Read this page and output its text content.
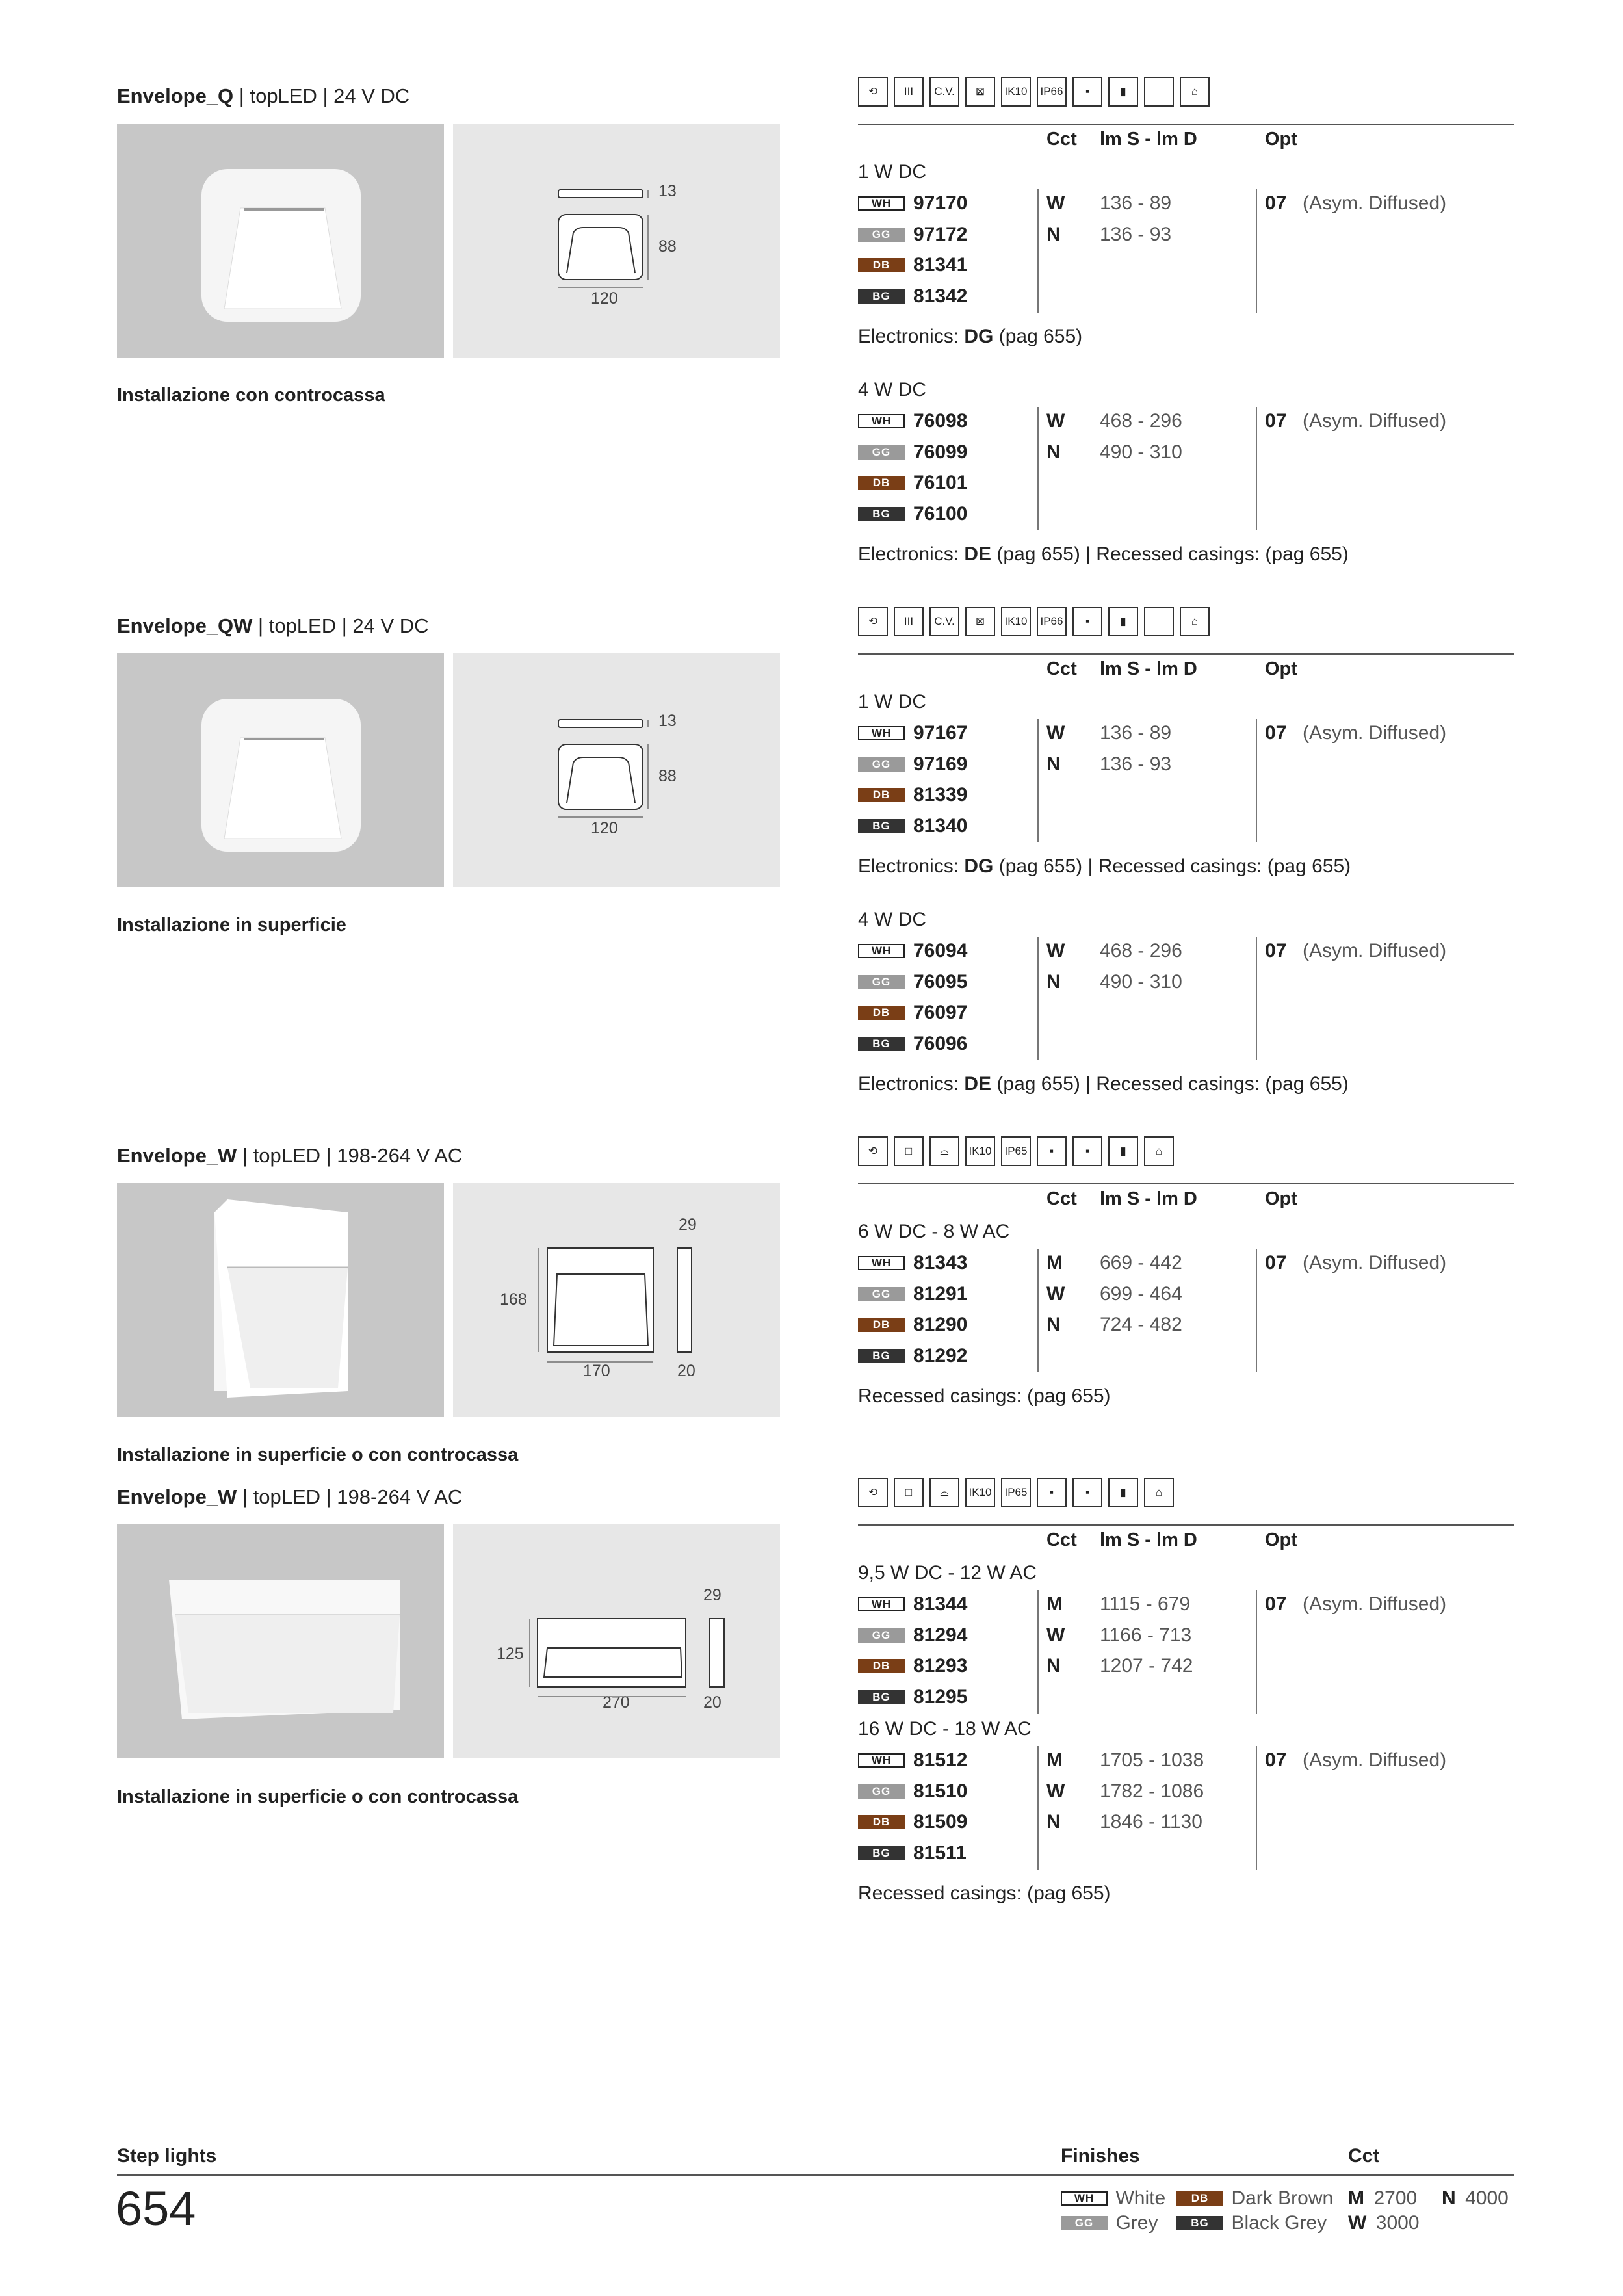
Envelope_Q | topLED | 24 V DC
13
88
120
Installazione con controcassa
⟲	III	C.V.	⊠	IK10	IP66	▪	▮	⌂
Cct lm S - lm D	Opt
1 W DC
WH	97170	W 136 - 89	07 (Asym. Diffused)
GG	97172	N 136 - 93
DB	81341
BG	81342
Electronics: DG (pag 655)
4 W DC
WH	76098	W 468 - 296	07 (Asym. Diffused)
GG	76099	N 490 - 310
DB	76101
BG	76100
Electronics: DE (pag 655) | Recessed casings: (pag 655)
Envelope_QW | topLED | 24 V DC
13
88
120
Installazione in superficie
⟲	III	C.V.	⊠	IK10	IP66	▪	▮	⌂
Cct lm S - lm D	Opt
1 W DC
WH	97167	W 136 - 89	07 (Asym. Diffused)
GG	97169	N 136 - 93
DB	81339
BG	81340
Electronics: DG (pag 655) | Recessed casings: (pag 655)
4 W DC
WH	76094	W 468 - 296	07 (Asym. Diffused)
GG	76095	N 490 - 310
DB	76097
BG	76096
Electronics: DE (pag 655) | Recessed casings: (pag 655)
Envelope_W | topLED | 198-264 V AC
29
168
170	20
Installazione in superficie o con controcassa
⟲	□	⌓	IK10	IP65	▪	▪	▮	⌂
Cct lm S - lm D	Opt
6 W DC - 8 W AC
WH	81343	M 669 - 442	07 (Asym. Diffused)
GG	81291	W 699 - 464
DB	81290	N 724 - 482
BG	81292
Recessed casings: (pag 655)
Envelope_W | topLED | 198-264 V AC
29
125
270	20
Installazione in superficie o con controcassa
⟲	□	⌓	IK10	IP65	▪	▪	▮	⌂
Cct lm S - lm D	Opt
9,5 W DC - 12 W AC
WH	81344	M 1115 - 679	07 (Asym. Diffused)
GG	81294	W 1166 - 713
DB	81293	N 1207 - 742
BG	81295
16 W DC - 18 W AC
WH	81512	M 1705 - 1038	07 (Asym. Diffused)
GG	81510	W 1782 - 1086
DB	81509	N 1846 - 1130
BG	81511
Recessed casings: (pag 655)
Step lights
654
Finishes	Cct
WH White
GG Grey
DB Dark Brown
BG Black Grey
M 2700
W 3000
N 4000
